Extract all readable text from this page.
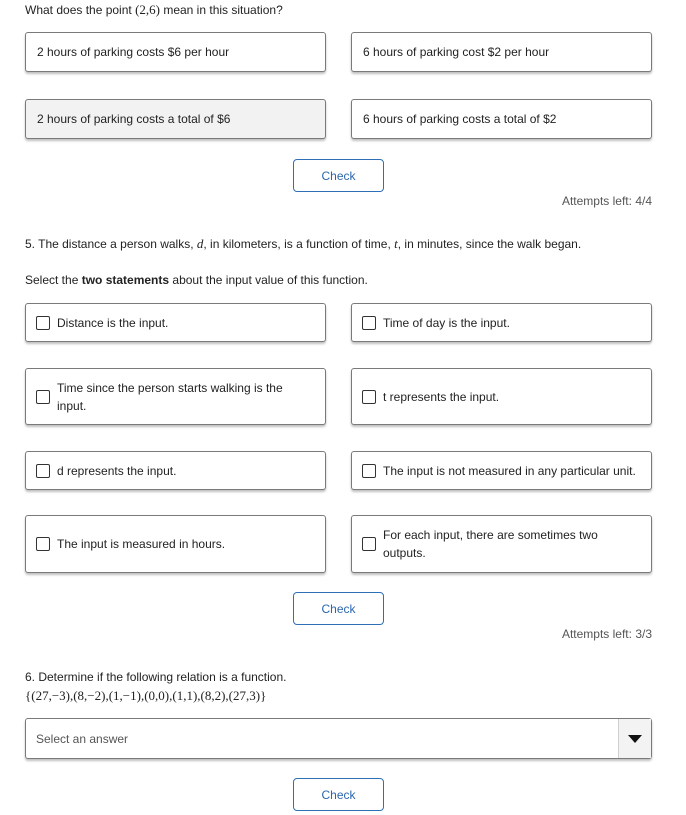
What does the point (2,6) mean in this situation?
2 hours of parking costs $6 per hour	6 hours of parking cost $2 per hour
2 hours of parking costs a total of $6	6 hours of parking costs a total of $2
Check
Attempts left: 4/4
5. The distance a person walks, d, in kilometers, is a function of time, t, in minutes, since the walk began.
Select the two statements about the input value of this function.
Distance is the input.	Time of day is the input.
Time since the person starts walking is the input.
t represents the input.
d represents the input.	The input is not measured in any particular unit.
The input is measured in hours.
For each input, there are sometimes two outputs.
Check
Attempts left: 3/3
6. Determine if the following relation is a function.
{(27,−3),(8,−2),(1,−1),(0,0),(1,1),(8,2),(27,3)}
Select an answer
Check
